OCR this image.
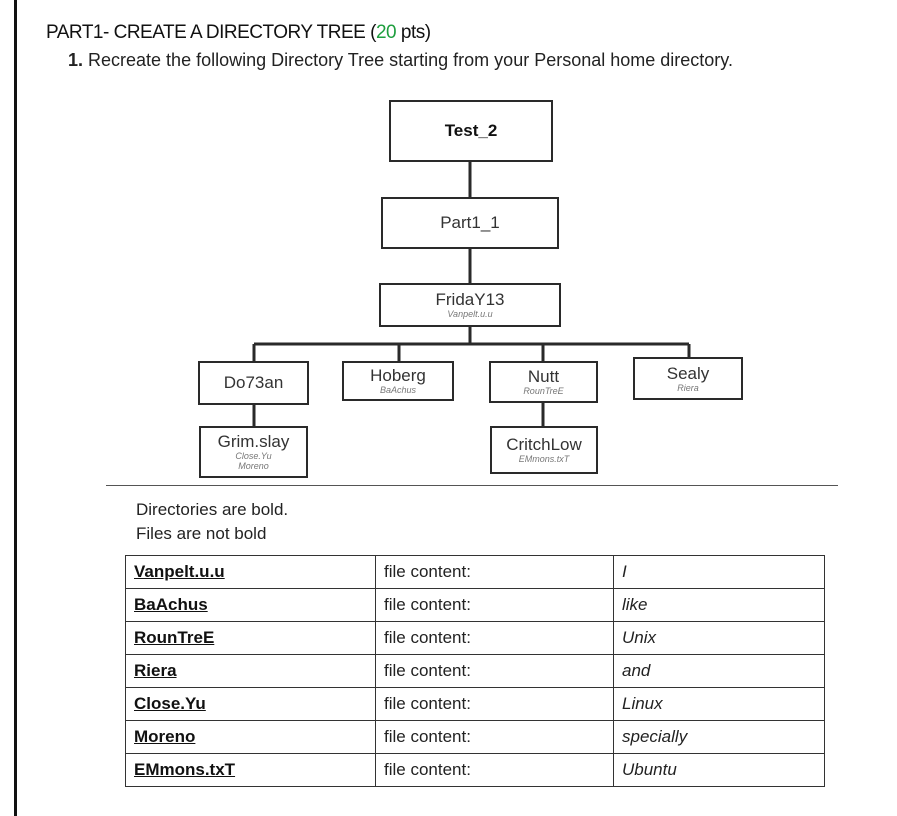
PART1- CREATE A DIRECTORY TREE (20 pts)
1. Recreate the following Directory Tree starting from your Personal home directory.
Test_2
Part1_1
FridaY13
Vanpelt.u.u
Do73an	Hoberg
BaAchus
Nutt
RounTreE
Sealy
Riera
Grim.slay
Close.Yu
Moreno
CritchLow
EMmons.txT
Directories are bold.
Files are not bold
Vanpelt.u.u	file content:	I
BaAchus	file content:	like
RounTreE	file content:	Unix
Riera	file content:	and
Close.Yu	file content:	Linux
Moreno	file content:	specially
EMmons.txT	file content:	Ubuntu
